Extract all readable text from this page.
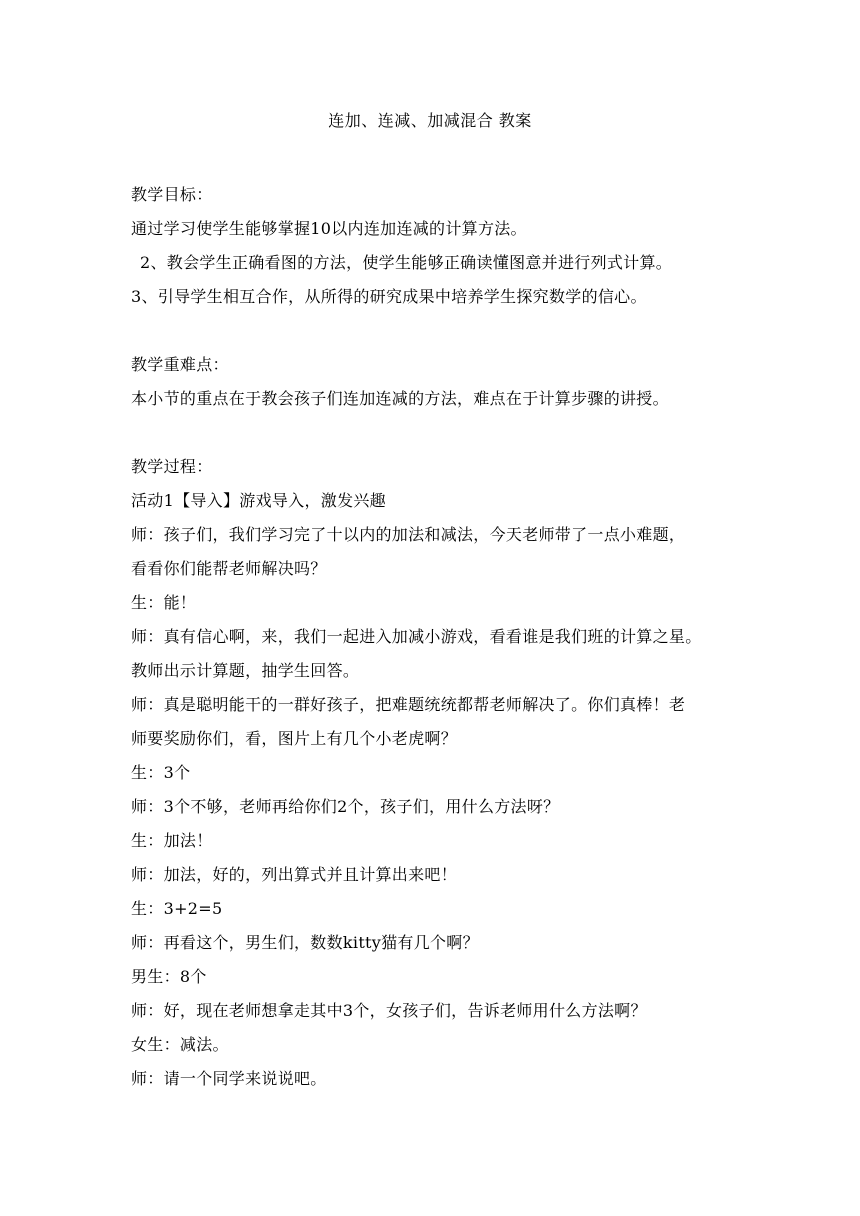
连加、连减、加减混合 教案
教学目标：
通过学习使学生能够掌握10以内连加连减的计算方法。
2、教会学生正确看图的方法，使学生能够正确读懂图意并进行列式计算。
3、引导学生相互合作，从所得的研究成果中培养学生探究数学的信心。
教学重难点：
本小节的重点在于教会孩子们连加连减的方法，难点在于计算步骤的讲授。
教学过程：
活动1【导入】游戏导入，激发兴趣
师：孩子们，我们学习完了十以内的加法和减法，今天老师带了一点小难题，
看看你们能帮老师解决吗？
生：能！
师：真有信心啊，来，我们一起进入加减小游戏，看看谁是我们班的计算之星。
教师出示计算题，抽学生回答。
师：真是聪明能干的一群好孩子，把难题统统都帮老师解决了。你们真棒！老
师要奖励你们，看，图片上有几个小老虎啊？
生：3个
师：3个不够，老师再给你们2个，孩子们，用什么方法呀？
生：加法！
师：加法，好的，列出算式并且计算出来吧！
生：3+2=5
师：再看这个，男生们，数数kitty猫有几个啊？
男生：8个
师：好，现在老师想拿走其中3个，女孩子们，告诉老师用什么方法啊？
女生：减法。
师：请一个同学来说说吧。
